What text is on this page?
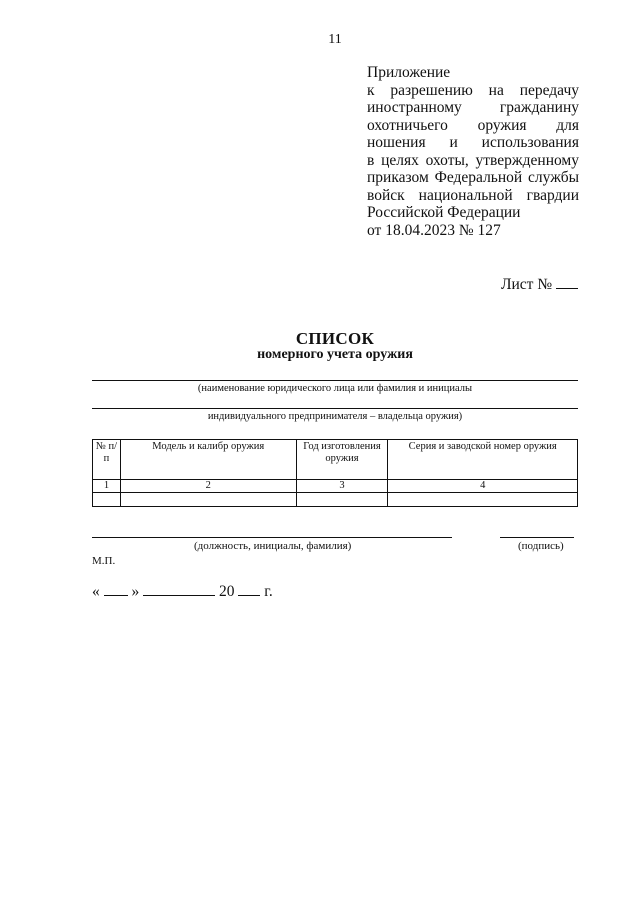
11
Приложение
к разрешению на передачу
иностранному гражданину
охотничьего оружия для
ношения и использования
в целях охоты, утвержденному
приказом Федеральной службы
войск национальной гвардии
Российской Федерации
от 18.04.2023 № 127
Лист №
СПИСОК
номерного учета оружия
(наименование юридического лица или фамилия и инициалы
индивидуального предпринимателя – владельца оружия)
№ п/п	Модель и калибр оружия	Год изготовления оружия	Серия и заводской номер оружия
1	2	3	4

(должность, инициалы, фамилия)	(подпись)
М.П.
« »	20 г.
